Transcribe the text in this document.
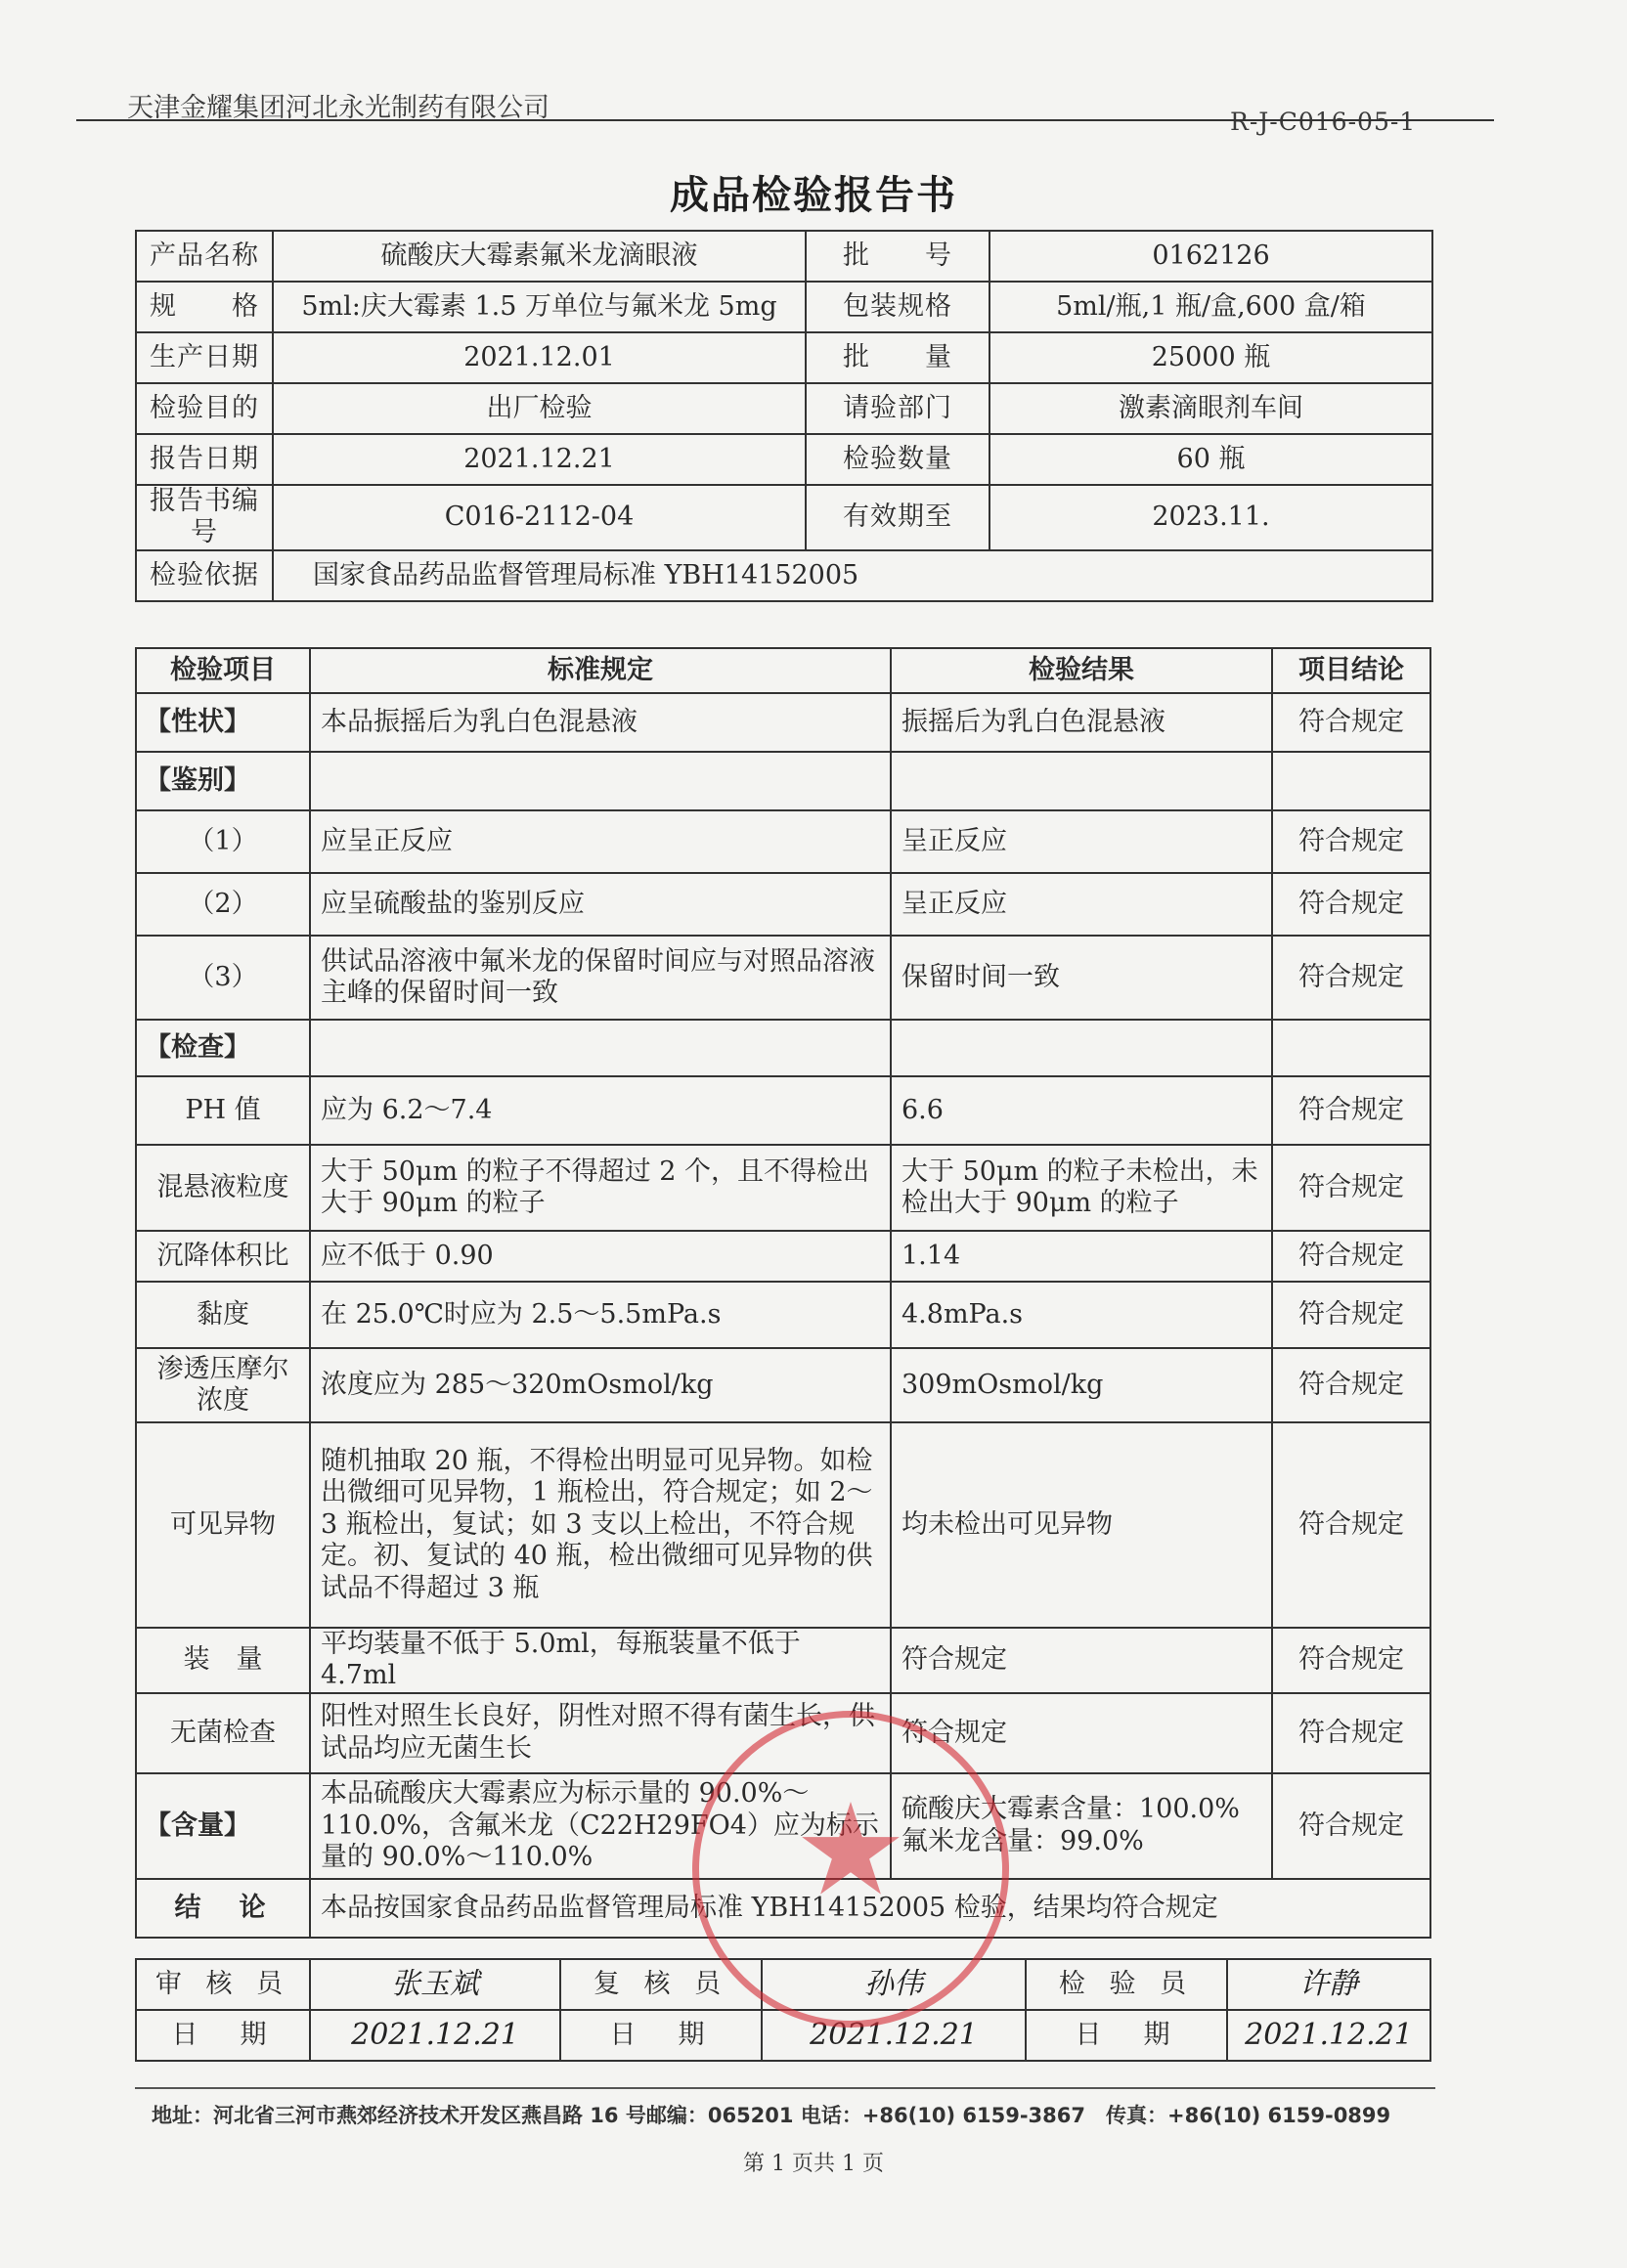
天津金耀集团河北永光制药有限公司	R-J-C016-05-1
成品检验报告书
产品名称	硫酸庆大霉素氟米龙滴眼液	批　　号	0162126
规　　格	5ml:庆大霉素 1.5 万单位与氟米龙 5mg	包装规格	5ml/瓶,1 瓶/盒,600 盒/箱
生产日期	2021.12.01	批　　量	25000 瓶
检验目的	出厂检验	请验部门	激素滴眼剂车间
报告日期	2021.12.21	检验数量	60 瓶
报告书编号	C016-2112-04	有效期至	2023.11.
检验依据	国家食品药品监督管理局标准 YBH14152005		
检验项目	标准规定	检验结果	项目结论
【性状】	本品振摇后为乳白色混悬液	振摇后为乳白色混悬液	符合规定
【鉴别】			
（1）	应呈正反应	呈正反应	符合规定
（2）	应呈硫酸盐的鉴别反应	呈正反应	符合规定
（3）	供试品溶液中氟米龙的保留时间应与对照品溶液主峰的保留时间一致	保留时间一致	符合规定
【检查】			
PH 值	应为 6.2～7.4	6.6	符合规定
混悬液粒度	大于 50μm 的粒子不得超过 2 个，且不得检出大于 90μm 的粒子	大于 50μm 的粒子未检出，未检出大于 90μm 的粒子	符合规定
沉降体积比	应不低于 0.90	1.14	符合规定
黏度	在 25.0℃时应为 2.5～5.5mPa.s	4.8mPa.s	符合规定
渗透压摩尔浓度	浓度应为 285～320mOsmol/kg	309mOsmol/kg	符合规定
可见异物	随机抽取 20 瓶，不得检出明显可见异物。如检出微细可见异物，1 瓶检出，符合规定；如 2～3 瓶检出，复试；如 3 支以上检出，不符合规定。初、复试的 40 瓶，检出微细可见异物的供试品不得超过 3 瓶	均未检出可见异物	符合规定
装　量	平均装量不低于 5.0ml，每瓶装量不低于 4.7ml	符合规定	符合规定
无菌检查	阳性对照生长良好，阴性对照不得有菌生长，供试品均应无菌生长	符合规定	符合规定
【含量】	本品硫酸庆大霉素应为标示量的 90.0%～110.0%，含氟米龙（C22H29FO4）应为标示量的 90.0%～110.0%	硫酸庆大霉素含量：100.0%　氟米龙含量：99.0%	符合规定
结　论	本品按国家食品药品监督管理局标准 YBH14152005 检验，结果均符合规定		
审 核 员	张玉斌	复 核 员	孙伟	检 验 员	许静
日　期	2021.12.21	日　期	2021.12.21	日　期	2021.12.21
★
地址：河北省三河市燕郊经济技术开发区燕昌路 16 号邮编：065201 电话：+86(10) 6159-3867　传真：+86(10) 6159-0899
第 1 页共 1 页
